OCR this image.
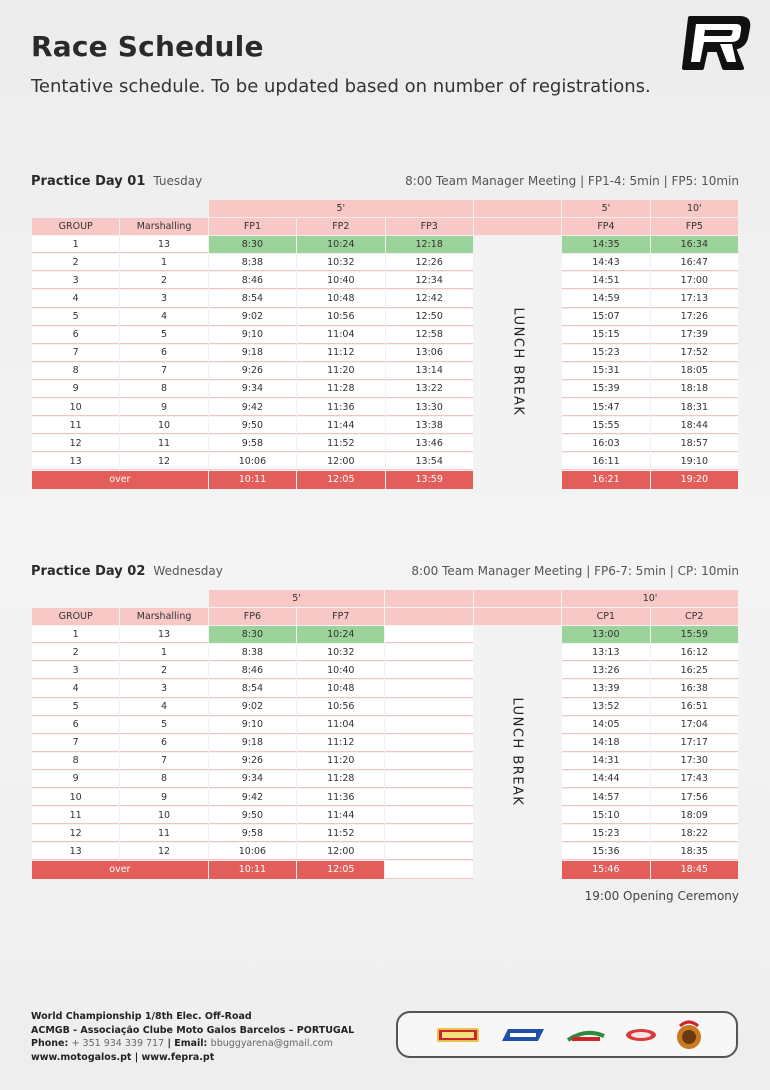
Race Schedule
Tentative schedule. To be updated based on number of registrations.
Practice Day 01 Tuesday	8:00 Team Manager Meeting | FP1-4: 5min | FP5: 10min
		5'				5'	10'
GROUP	Marshalling	FP1	FP2	FP3		FP4	FP5
1	13	8:30	10:24	12:18	LUNCH BREAK	14:35	16:34
2	1	8:38	10:32	12:26		14:43	16:47
3	2	8:46	10:40	12:34		14:51	17:00
4	3	8:54	10:48	12:42		14:59	17:13
5	4	9:02	10:56	12:50		15:07	17:26
6	5	9:10	11:04	12:58		15:15	17:39
7	6	9:18	11:12	13:06		15:23	17:52
8	7	9:26	11:20	13:14		15:31	18:05
9	8	9:34	11:28	13:22		15:39	18:18
10	9	9:42	11:36	13:30		15:47	18:31
11	10	9:50	11:44	13:38		15:55	18:44
12	11	9:58	11:52	13:46		16:03	18:57
13	12	10:06	12:00	13:54		16:11	19:10
over		10:11	12:05	13:59		16:21	19:20
Practice Day 02 Wednesday	8:00 Team Manager Meeting | FP6-7: 5min | CP: 10min
		5'				10'	
GROUP	Marshalling	FP6	FP7			CP1	CP2
1	13	8:30	10:24		LUNCH BREAK	13:00	15:59
2	1	8:38	10:32			13:13	16:12
3	2	8:46	10:40			13:26	16:25
4	3	8:54	10:48			13:39	16:38
5	4	9:02	10:56			13:52	16:51
6	5	9:10	11:04			14:05	17:04
7	6	9:18	11:12			14:18	17:17
8	7	9:26	11:20			14:31	17:30
9	8	9:34	11:28			14:44	17:43
10	9	9:42	11:36			14:57	17:56
11	10	9:50	11:44			15:10	18:09
12	11	9:58	11:52			15:23	18:22
13	12	10:06	12:00			15:36	18:35
over		10:11	12:05			15:46	18:45
19:00 Opening Ceremony
World Championship 1/8th Elec. Off-Road
ACMGB - Associação Clube Moto Galos Barcelos – PORTUGAL
Phone: + 351 934 339 717 | Email: bbuggyarena@gmail.com
www.motogalos.pt | www.fepra.pt
